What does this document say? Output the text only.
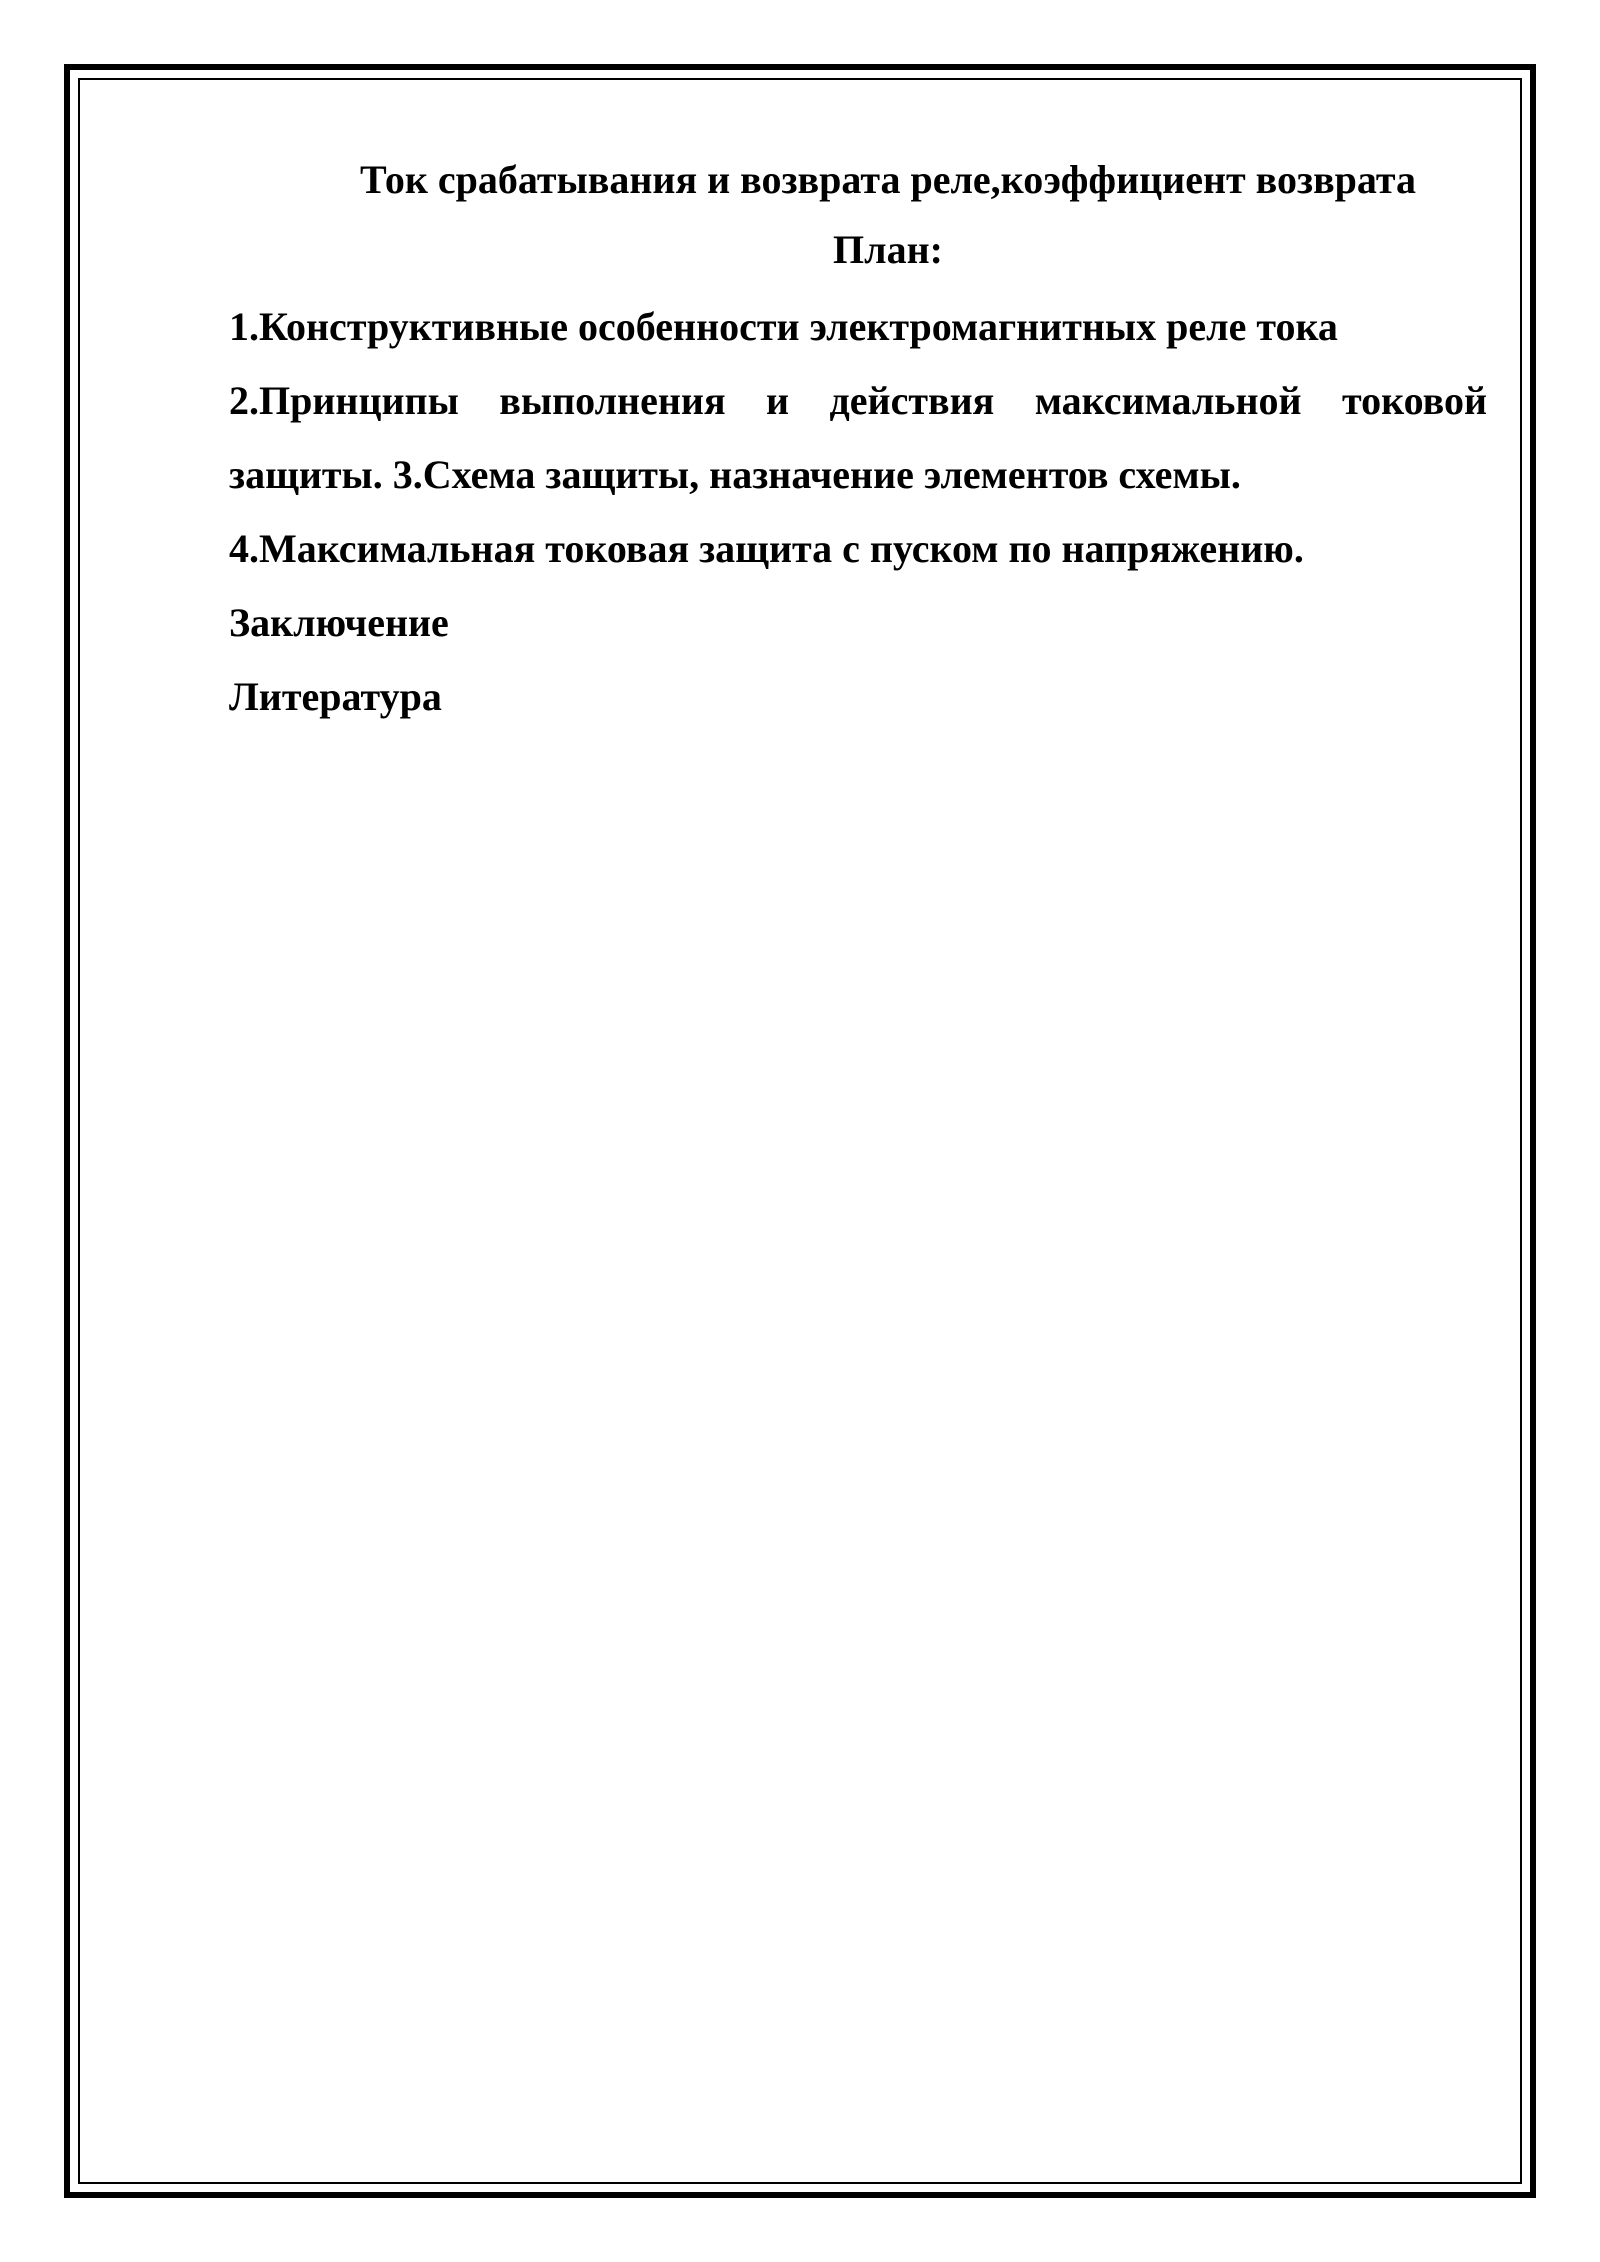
Ток срабатывания и возврата реле,коэффициент возврата

План:

1.Конструктивные особенности электромагнитных реле тока

2.Принципы выполнения и действия максимальной токовой

защиты. 3.Схема защиты, назначение элементов схемы.

4.Максимальная токовая защита с пуском по напряжению.

Заключение

Литература
